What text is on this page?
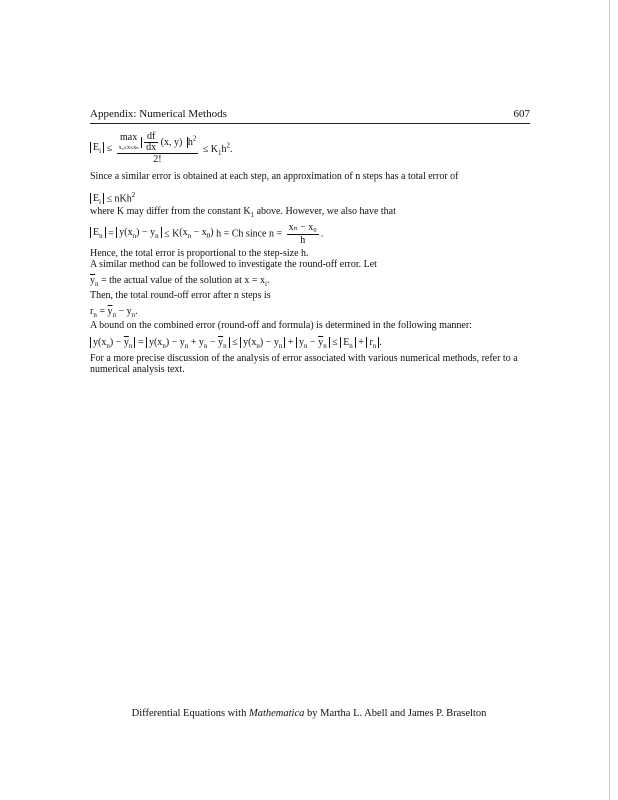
Appendix: Numerical Methods	607
$E_i$ ≤
max
$x_0\le x\le x_n \frac{df}{dx} (x$, y) $h^2$
2!
≤ $K_1h^2$.
Since a similar error is obtained at each step, an approximation of n steps has a total error of
$E_i \le nKh^2$
where K may differ from the constant $K_1$ above. However, we also have that
$E_n = y(x_n) - y_n \le K(x_n - x_0) h = Ch$ since $n = \frac{\text{xₙ − x₀}}{h}$ .
Hence, the total error is proportional to the step-size h.
A similar method can be followed to investigate the round-off error. Let
$\overline{y}_n$ = the actual value of the solution at $x = x_i$.
Then, the total round-off error after n steps is
$r_n = \overline{y}_n - y_n$.
A bound on the combined error (round-off and formula) is determined in the following manner:
$y(x_n) - \overline{y}_n = y(x_n) - y_n + y_n - \overline{y}_n \le y(x_n) - y_n + y_n - \overline{y}_n \le E_n + r_n$ .
For a more precise discussion of the analysis of error associated with various numerical methods, refer to a
numerical analysis text.
Differential Equations with Mathematica by Martha L. Abell and James P. Braselton
